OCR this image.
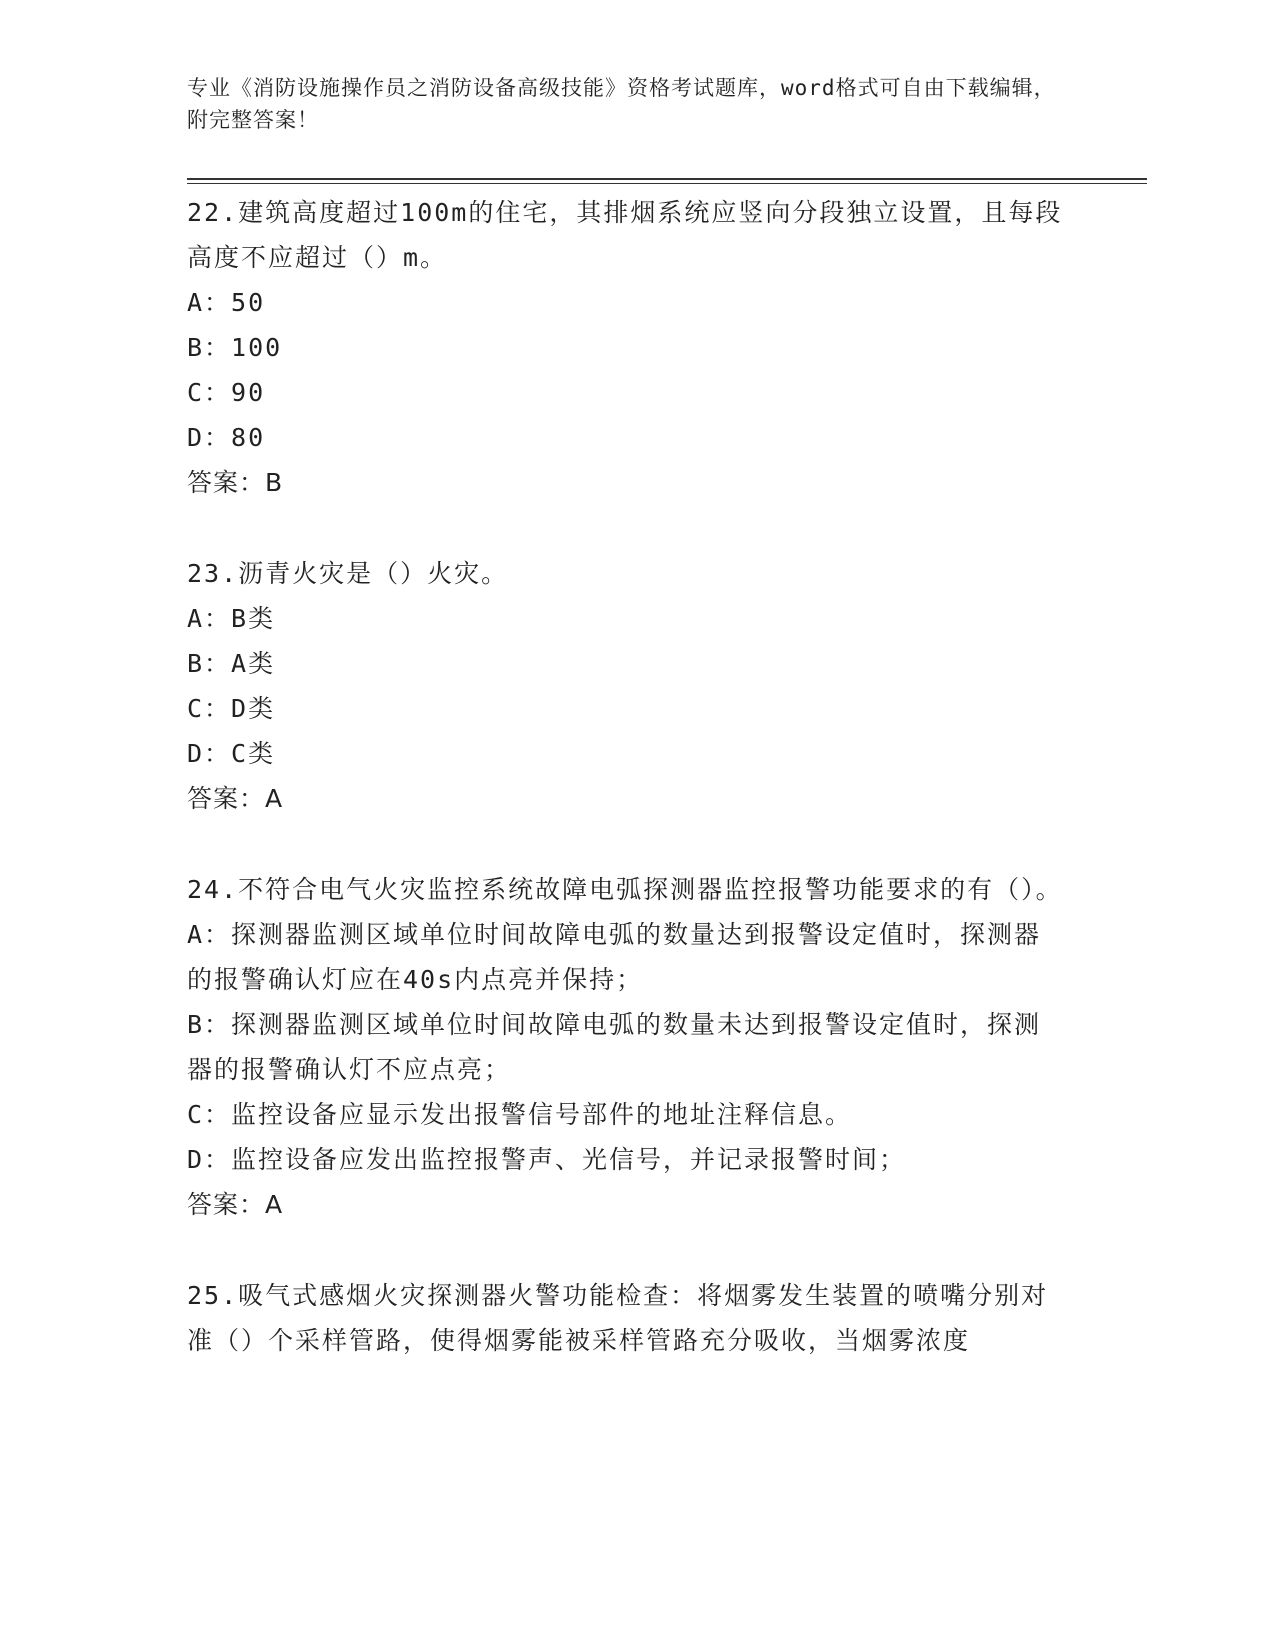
专业《消防设施操作员之消防设备高级技能》资格考试题库，word格式可自由下载编辑，附完整答案！
22.建筑高度超过100m的住宅，其排烟系统应竖向分段独立设置，且每段高度不应超过（）m。
A：50
B：100
C：90
D：80
答案：B
23.沥青火灾是（）火灾。
A：B类
B：A类
C：D类
D：C类
答案：A
24.不符合电气火灾监控系统故障电弧探测器监控报警功能要求的有（）。
A：探测器监测区域单位时间故障电弧的数量达到报警设定值时，探测器的报警确认灯应在40s内点亮并保持；
B：探测器监测区域单位时间故障电弧的数量未达到报警设定值时，探测器的报警确认灯不应点亮；
C：监控设备应显示发出报警信号部件的地址注释信息。
D：监控设备应发出监控报警声、光信号，并记录报警时间；
答案：A
25.吸气式感烟火灾探测器火警功能检查：将烟雾发生装置的喷嘴分别对准（）个采样管路，使得烟雾能被采样管路充分吸收，当烟雾浓度
